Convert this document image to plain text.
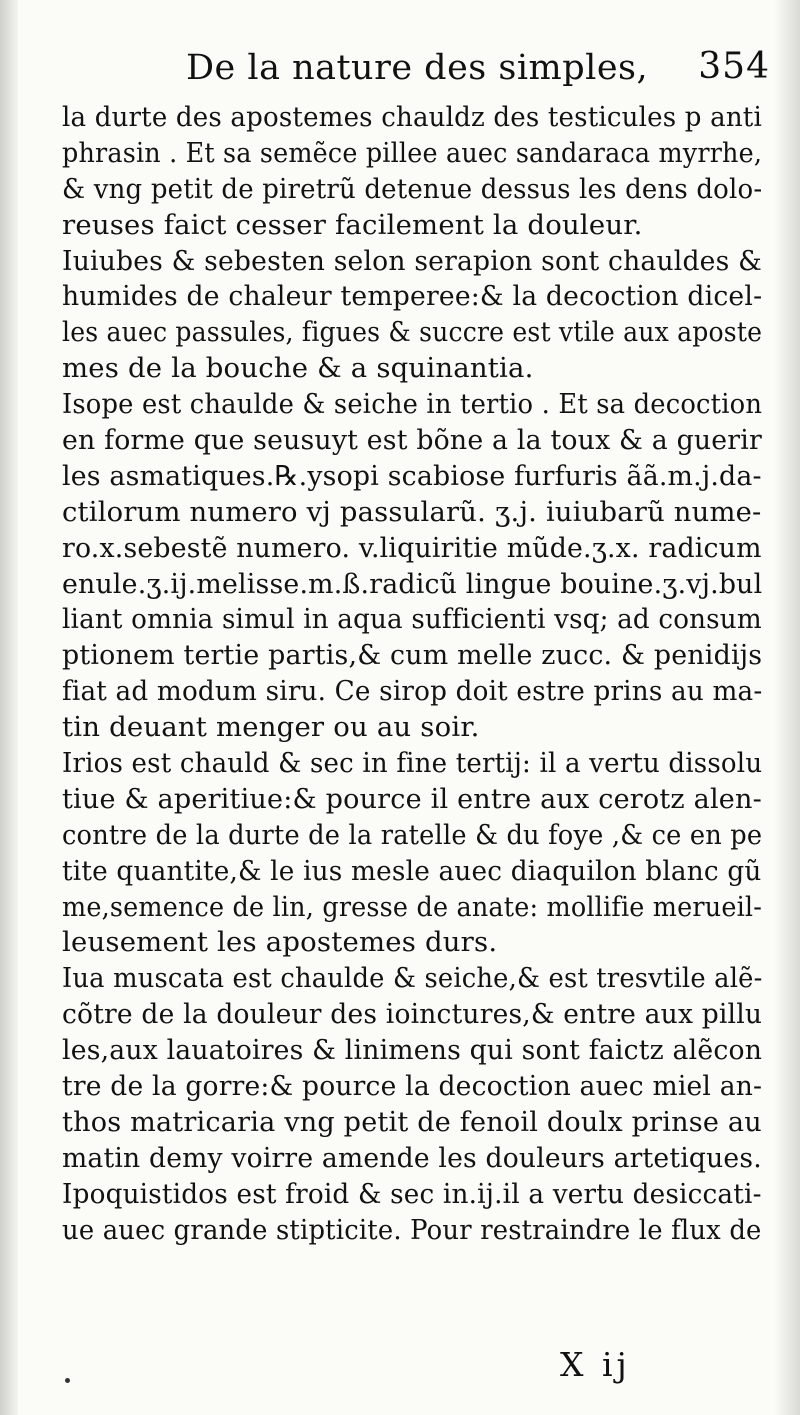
De la nature des simples, 354
la durte des apostemes chauldz des testicules p anti
phrasin . Et sa semẽce pillee auec sandaraca myrrhe,
& vng petit de piretrũ detenue dessus les dens dolo-
reuses faict cesser facilement la douleur.
Iuiubes & sebesten selon serapion sont chauldes &
humides de chaleur temperee:& la decoction dicel-
les auec passules, figues & succre est vtile aux aposte
mes de la bouche & a squinantia.
Isope est chaulde & seiche in tertio . Et sa decoction
en forme que seusuyt est bõne a la toux & a guerir
les asmatiques.℞.ysopi scabiose furfuris ãã.m.j.da-
ctilorum numero vj passularũ. ʒ.j. iuiubarũ nume-
ro.x.sebestẽ numero. v.liquiritie mũde.ʒ.x. radicum
enule.ʒ.ij.melisse.m.ß.radicũ lingue bouine.ʒ.vj.bul
liant omnia simul in aqua sufficienti vsq; ad consum
ptionem tertie partis,& cum melle zucc. & penidijs
fiat ad modum siru. Ce sirop doit estre prins au ma-
tin deuant menger ou au soir.
Irios est chauld & sec in fine tertij: il a vertu dissolu
tiue & aperitiue:& pource il entre aux cerotz alen-
contre de la durte de la ratelle & du foye ,& ce en pe
tite quantite,& le ius mesle auec diaquilon blanc gũ
me,semence de lin, gresse de anate: mollifie merueil-
leusement les apostemes durs.
Iua muscata est chaulde & seiche,& est tresvtile alẽ-
cõtre de la douleur des ioinctures,& entre aux pillu
les,aux lauatoires & linimens qui sont faictz alẽcon
tre de la gorre:& pource la decoction auec miel an-
thos matricaria vng petit de fenoil doulx prinse au
matin demy voirre amende les douleurs artetiques.
Ipoquistidos est froid & sec in.ij.il a vertu desiccati-
ue auec grande stipticite. Pour restraindre le flux de
X ij
